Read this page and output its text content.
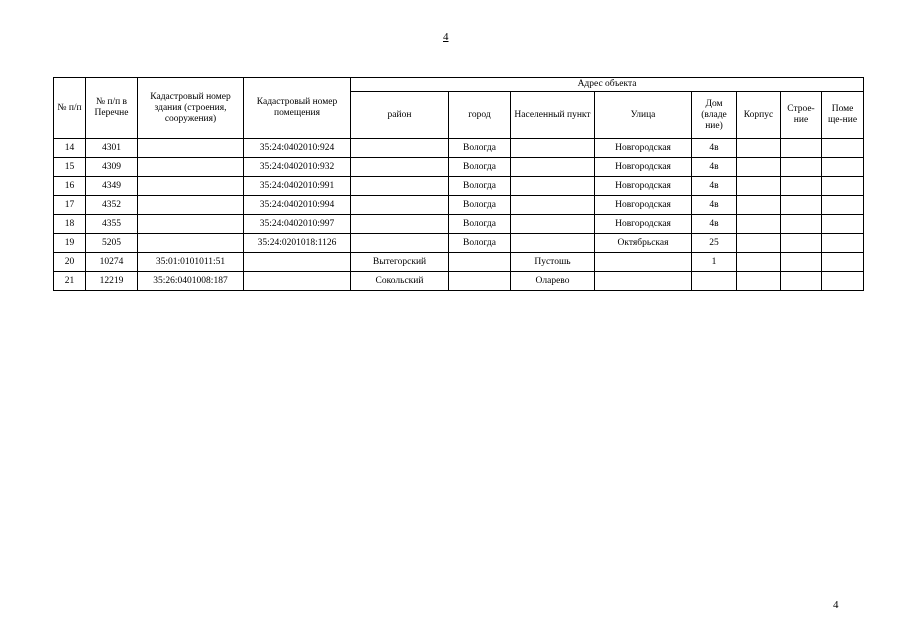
4
№ п/п	№ п/п в Перечне	Кадастровый номер здания (строения, сооружения)	Кадастровый номер помещения	Адрес объекта							
				район	город	Населенный пункт	Улица	Дом (владе ние)	Корпус	Строе-ние	Поме ще-ние
14	4301		35:24:0402010:924		Вологда		Новгородская	4в			
15	4309		35:24:0402010:932		Вологда		Новгородская	4в			
16	4349		35:24:0402010:991		Вологда		Новгородская	4в			
17	4352		35:24:0402010:994		Вологда		Новгородская	4в			
18	4355		35:24:0402010:997		Вологда		Новгородская	4в			
19	5205		35:24:0201018:1126		Вологда		Октябрьская	25			
20	10274	35:01:0101011:51		Вытегорский		Пустошь		1			
21	12219	35:26:0401008:187		Сокольский		Оларево					
4
